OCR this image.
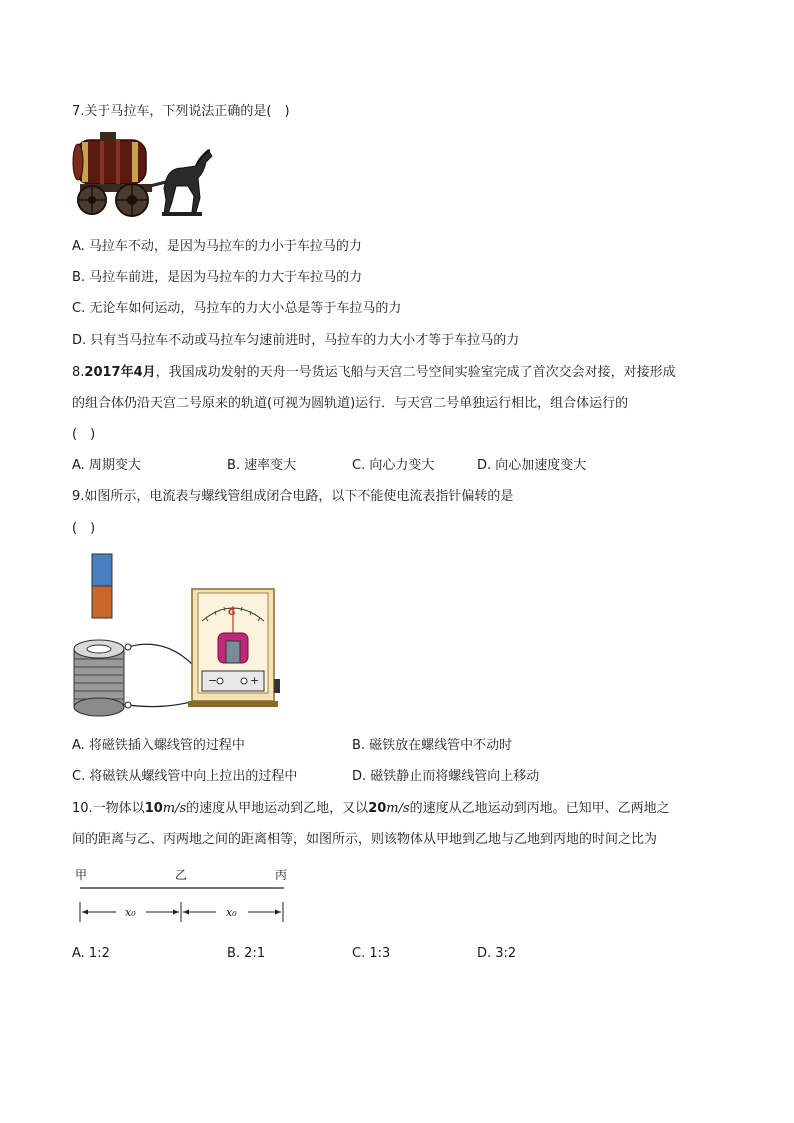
7.关于马拉车，下列说法正确的是(　)
A. 马拉车不动，是因为马拉车的力小于车拉马的力
B. 马拉车前进，是因为马拉车的力大于车拉马的力
C. 无论车如何运动，马拉车的力大小总是等于车拉马的力
D. 只有当马拉车不动或马拉车匀速前进时，马拉车的力大小才等于车拉马的力
8.2017年4月，我国成功发射的天舟一号货运飞船与天宫二号空间实验室完成了首次交会对接，对接形成
的组合体仍沿天宫二号原来的轨道(可视为圆轨道)运行．与天宫二号单独运行相比，组合体运行的
(　)
A. 周期变大	B. 速率变大	C. 向心力变大	D. 向心加速度变大
9.如图所示，电流表与螺线管组成闭合电路，以下不能使电流表指针偏转的是
(　)
G
−	+
A. 将磁铁插入螺线管的过程中	B. 磁铁放在螺线管中不动时
C. 将磁铁从螺线管中向上拉出的过程中	D. 磁铁静止而将螺线管向上移动
10.一物体以10m/s的速度从甲地运动到乙地，又以20m/s的速度从乙地运动到丙地。已知甲、乙两地之
间的距离与乙、丙两地之间的距离相等，如图所示，则该物体从甲地到乙地与乙地到丙地的时间之比为
甲	乙	丙
x₀	x₀
A. 1:2	B. 2:1	C. 1:3	D. 3:2
